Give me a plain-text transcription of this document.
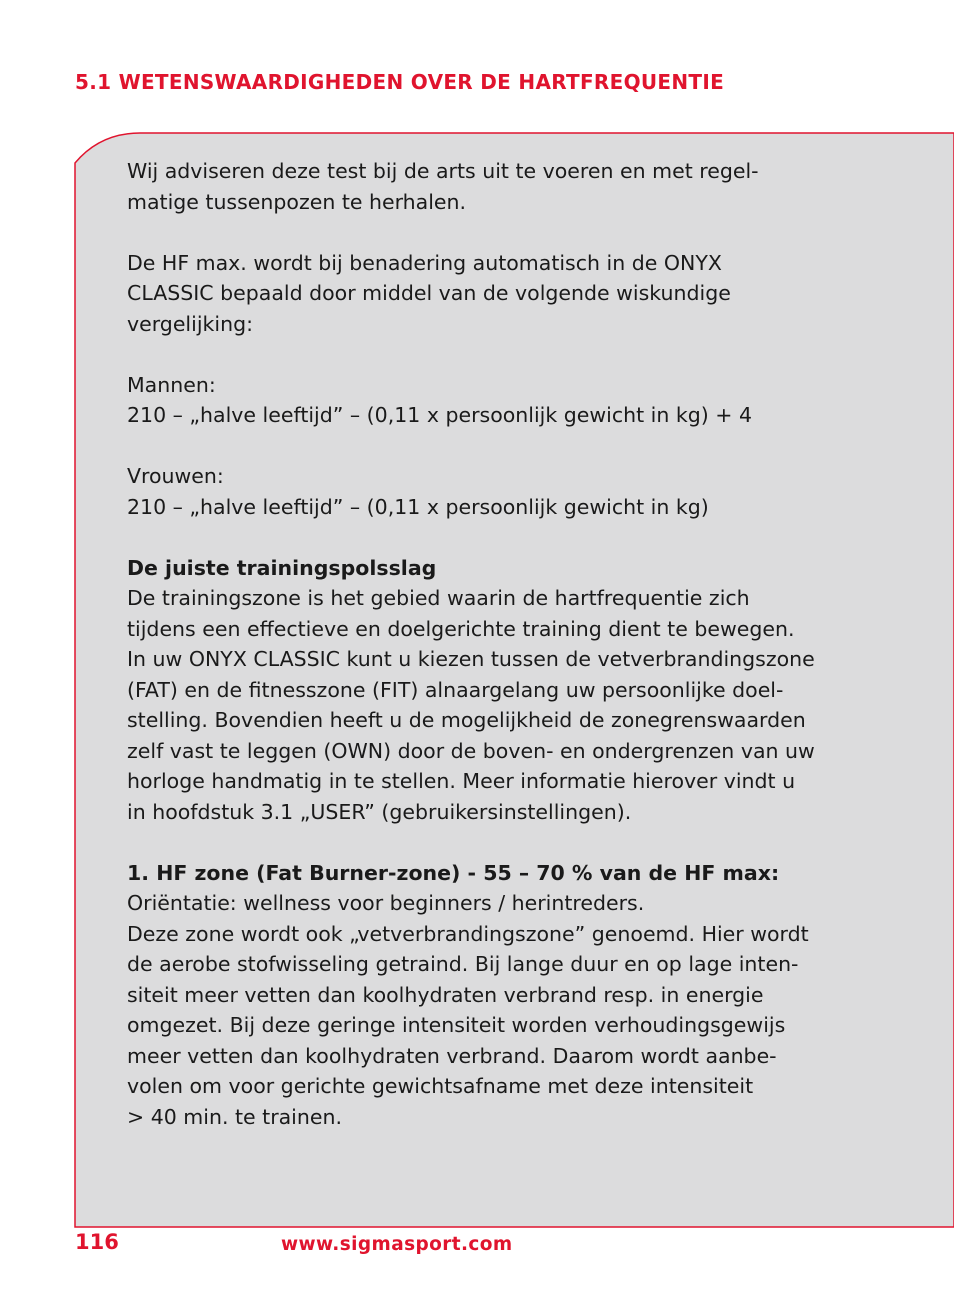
5.1 WETENSWAARDIGHEDEN OVER DE HARTFREQUENTIE
Wij adviseren deze test bij de arts uit te voeren en met regel-
matige tussenpozen te herhalen.
De HF max. wordt bij benadering automatisch in de ONYX
CLASSIC bepaald door middel van de volgende wiskundige
vergelijking:
Mannen:
210 – „halve leeftijd” – (0,11 x persoonlijk gewicht in kg) + 4
Vrouwen:
210 – „halve leeftijd” – (0,11 x persoonlijk gewicht in kg)
De juiste trainingspolsslag
De trainingszone is het gebied waarin de hartfrequentie zich
tijdens een effectieve en doelgerichte training dient te bewegen.
In uw ONYX CLASSIC kunt u kiezen tussen de vetverbrandingszone
(FAT) en de fitnesszone (FIT) alnaargelang uw persoonlijke doel-
stelling. Bovendien heeft u de mogelijkheid de zonegrenswaarden
zelf vast te leggen (OWN) door de boven- en ondergrenzen van uw
horloge handmatig in te stellen. Meer informatie hierover vindt u
in hoofdstuk 3.1 „USER” (gebruikersinstellingen).
1. HF zone (Fat Burner-zone) - 55 – 70 % van de HF max:
Oriëntatie: wellness voor beginners / herintreders.
Deze zone wordt ook „vetverbrandingszone” genoemd. Hier wordt
de aerobe stofwisseling getraind. Bij lange duur en op lage inten-
siteit meer vetten dan koolhydraten verbrand resp. in energie
omgezet. Bij deze geringe intensiteit worden verhoudingsgewijs
meer vetten dan koolhydraten verbrand. Daarom wordt aanbe-
volen om voor gerichte gewichtsafname met deze intensiteit
> 40 min. te trainen.
116	www.sigmasport.com
